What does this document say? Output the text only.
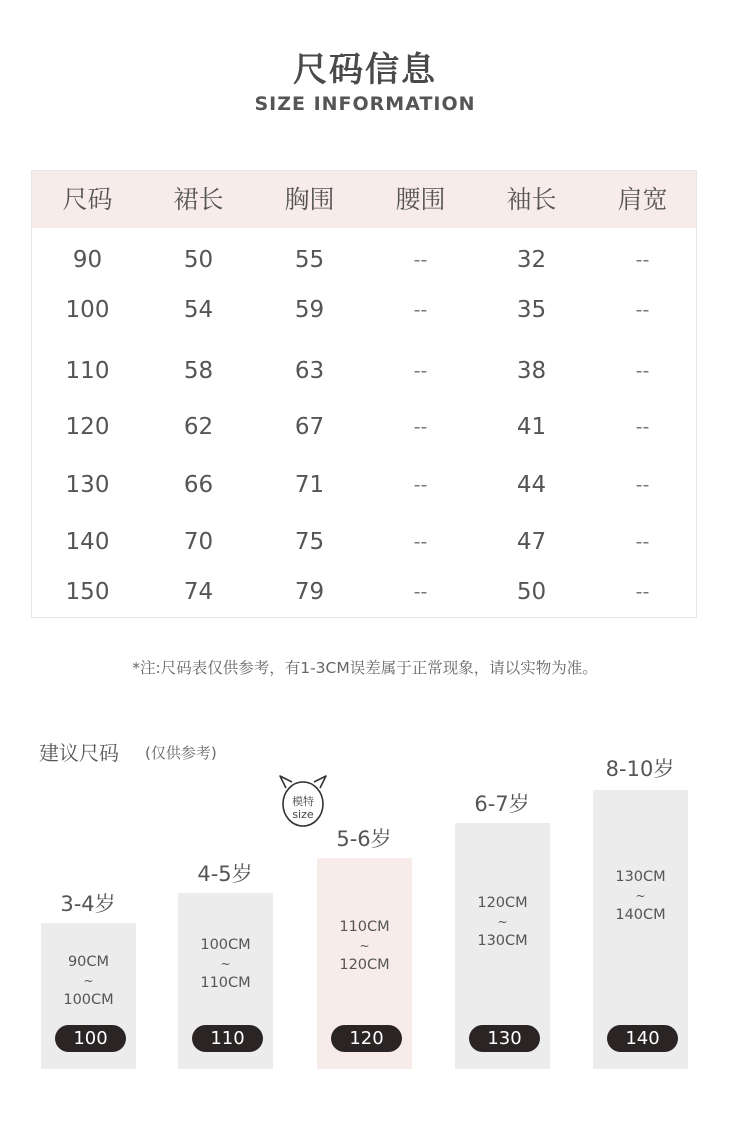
尺码信息
SIZE INFORMATION
尺码	裙长	胸围	腰围	袖长	肩宽
90	50	55	--	32	--
100	54	59	--	35	--
110	58	63	--	38	--
120	62	67	--	41	--
130	66	71	--	44	--
140	70	75	--	47	--
150	74	79	--	50	--
*注:尺码表仅供参考，有1-3CM误差属于正常现象，请以实物为准。
建议尺码 (仅供参考)
模特
size
3-4岁
90CM
~
100CM
100
4-5岁
100CM
~
110CM
110
5-6岁
110CM
~
120CM
120
6-7岁
120CM
~
130CM
130
8-10岁
130CM
~
140CM
140
